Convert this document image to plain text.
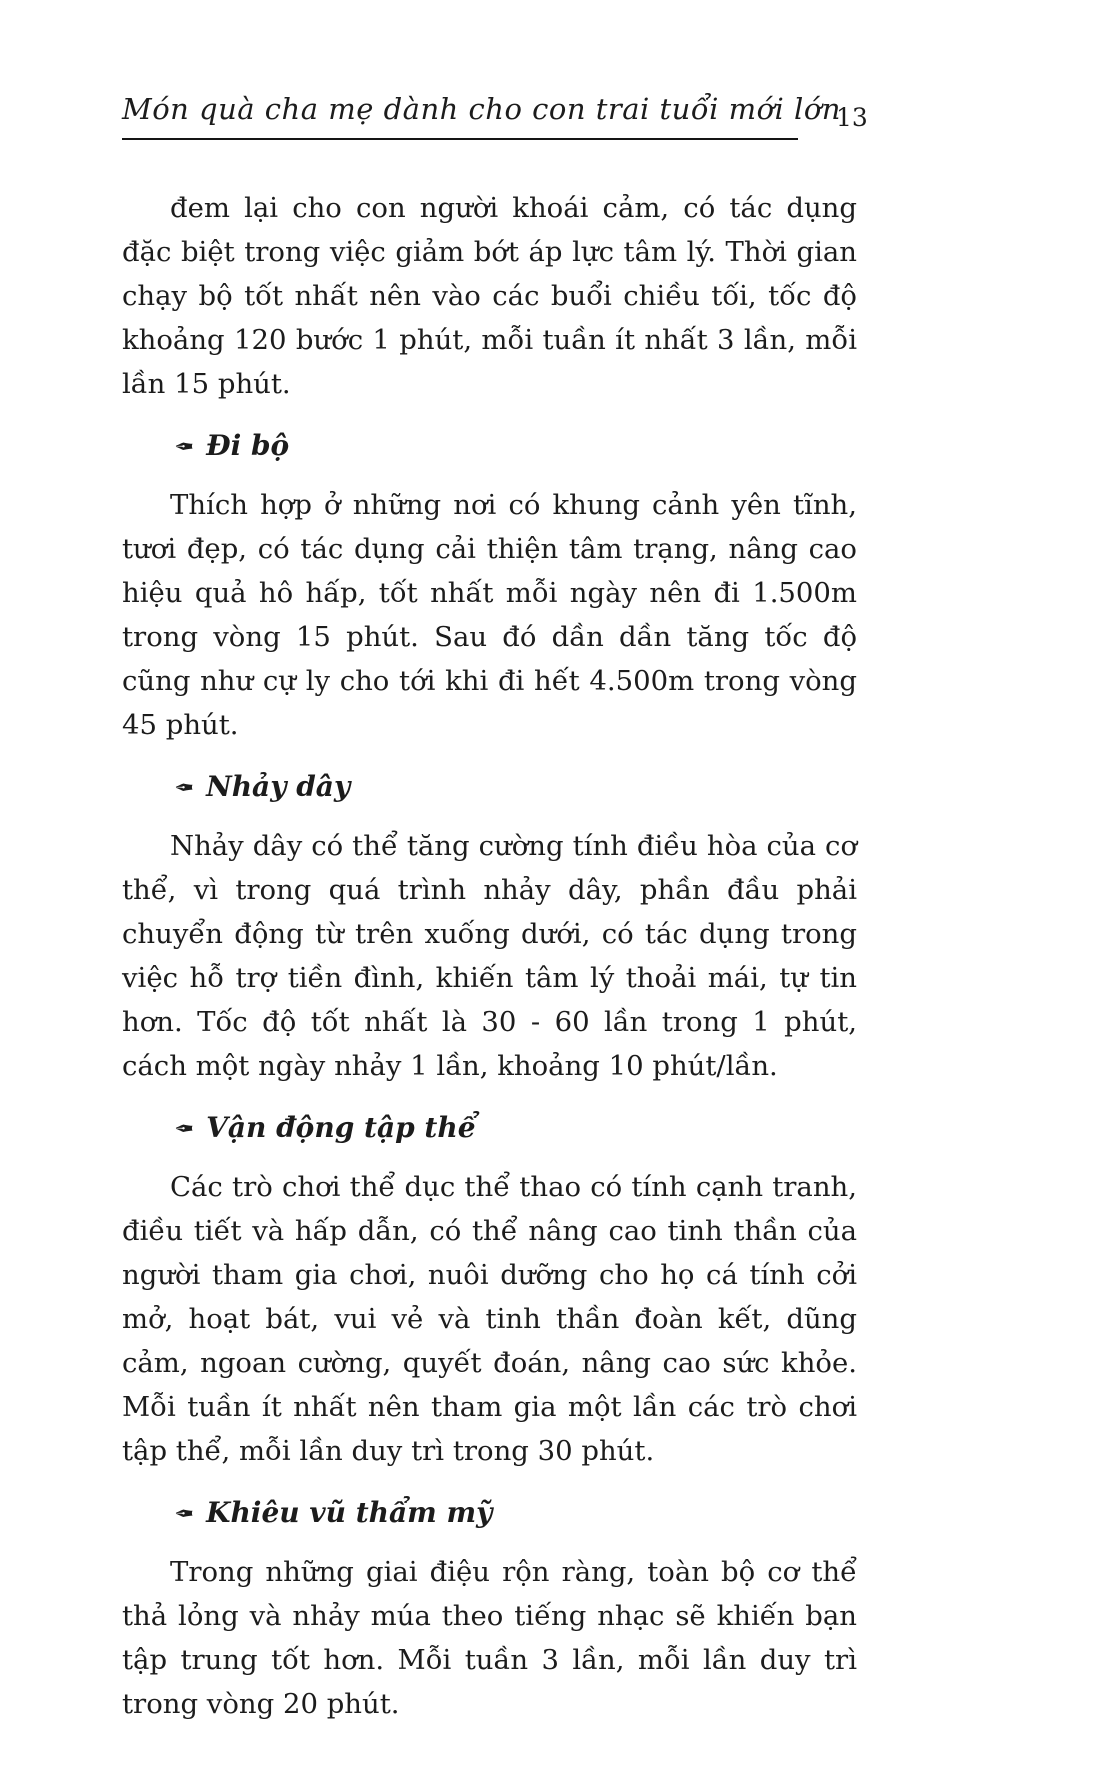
Món quà cha mẹ dành cho con trai tuổi mới lớn
13

đem lại cho con người khoái cảm, có tác dụng đặc biệt trong việc giảm bớt áp lực tâm lý. Thời gian chạy bộ tốt nhất nên vào các buổi chiều tối, tốc độ khoảng 120 bước 1 phút, mỗi tuần ít nhất 3 lần, mỗi lần 15 phút.

✒ Đi bộ

Thích hợp ở những nơi có khung cảnh yên tĩnh, tươi đẹp, có tác dụng cải thiện tâm trạng, nâng cao hiệu quả hô hấp, tốt nhất mỗi ngày nên đi 1.500m trong vòng 15 phút. Sau đó dần dần tăng tốc độ cũng như cự ly cho tới khi đi hết 4.500m trong vòng 45 phút.

✒ Nhảy dây

Nhảy dây có thể tăng cường tính điều hòa của cơ thể, vì trong quá trình nhảy dây, phần đầu phải chuyển động từ trên xuống dưới, có tác dụng trong việc hỗ trợ tiền đình, khiến tâm lý thoải mái, tự tin hơn. Tốc độ tốt nhất là 30 - 60 lần trong 1 phút, cách một ngày nhảy 1 lần, khoảng 10 phút/lần.

✒ Vận động tập thể

Các trò chơi thể dục thể thao có tính cạnh tranh, điều tiết và hấp dẫn, có thể nâng cao tinh thần của người tham gia chơi, nuôi dưỡng cho họ cá tính cởi mở, hoạt bát, vui vẻ và tinh thần đoàn kết, dũng cảm, ngoan cường, quyết đoán, nâng cao sức khỏe. Mỗi tuần ít nhất nên tham gia một lần các trò chơi tập thể, mỗi lần duy trì trong 30 phút.

✒ Khiêu vũ thẩm mỹ

Trong những giai điệu rộn ràng, toàn bộ cơ thể thả lỏng và nhảy múa theo tiếng nhạc sẽ khiến bạn tập trung tốt hơn. Mỗi tuần 3 lần, mỗi lần duy trì trong vòng 20 phút.
